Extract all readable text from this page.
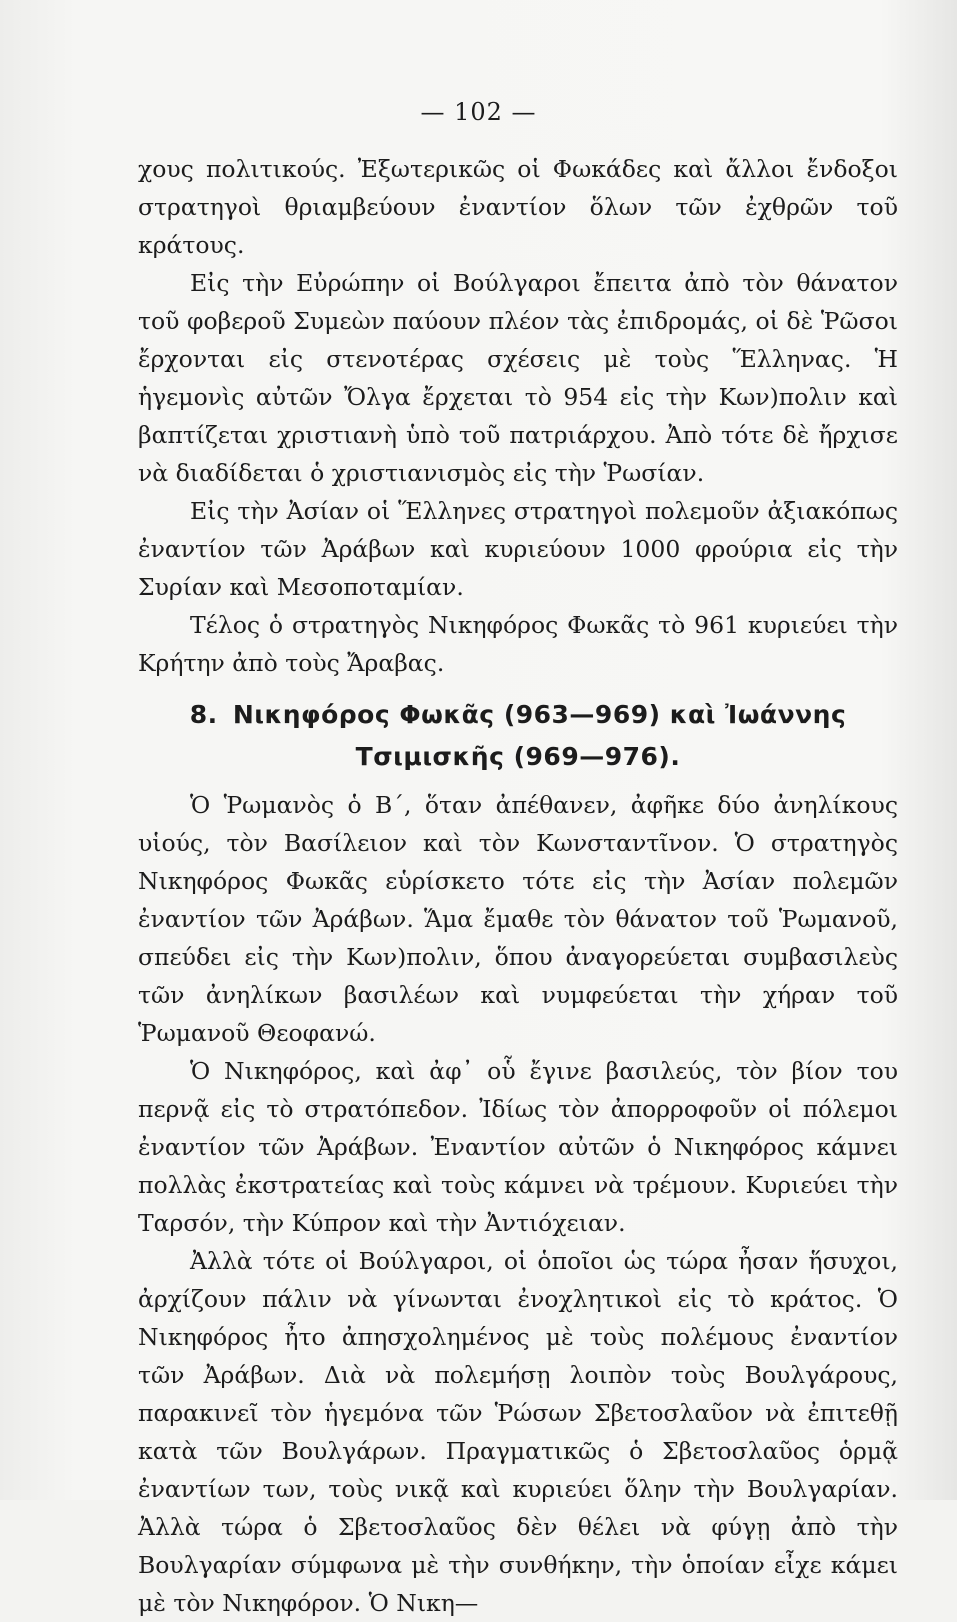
— 102 —

χους πολιτικούς. Ἐξωτερικῶς οἱ Φωκάδες καὶ ἄλλοι ἔνδοξοι στρατηγοὶ θριαμβεύουν ἐναντίον ὅλων τῶν ἐχθρῶν τοῦ κράτους.

Εἰς τὴν Εὐρώπην οἱ Βούλγαροι ἔπειτα ἀπὸ τὸν θάνατον τοῦ φοβεροῦ Συμεὼν παύουν πλέον τὰς ἐπιδρομάς, οἱ δὲ Ῥῶσοι ἔρχονται εἰς στενοτέρας σχέσεις μὲ τοὺς Ἕλληνας. Ἡ ἡγεμονὶς αὐτῶν Ὄλγα ἔρχεται τὸ 954 εἰς τὴν Κων)πολιν καὶ βαπτίζεται χριστιανὴ ὑπὸ τοῦ πατριάρχου. Ἀπὸ τότε δὲ ἤρχισε νὰ διαδίδεται ὁ χριστιανισμὸς εἰς τὴν Ῥωσίαν.

Εἰς τὴν Ἀσίαν οἱ Ἕλληνες στρατηγοὶ πολεμοῦν ἀξιακόπως ἐναντίον τῶν Ἀράβων καὶ κυριεύουν 1000 φρούρια εἰς τὴν Συρίαν καὶ Μεσοποταμίαν.

Τέλος ὁ στρατηγὸς Νικηφόρος Φωκᾶς τὸ 961 κυριεύει τὴν Κρήτην ἀπὸ τοὺς Ἄραβας.

8. Νικηφόρος Φωκᾶς (963—969) καὶ Ἰωάννης Τσιμισκῆς (969—976).

Ὁ Ῥωμανὸς ὁ Β΄, ὅταν ἀπέθανεν, ἀφῆκε δύο ἀνηλίκους υἱούς, τὸν Βασίλειον καὶ τὸν Κωνσταντῖνον. Ὁ στρατηγὸς Νικηφόρος Φωκᾶς εὑρίσκετο τότε εἰς τὴν Ἀσίαν πολεμῶν ἐναντίον τῶν Ἀράβων. Ἅμα ἔμαθε τὸν θάνατον τοῦ Ῥωμανοῦ, σπεύδει εἰς τὴν Κων)πολιν, ὅπου ἀναγορεύεται συμβασιλεὺς τῶν ἀνηλίκων βασιλέων καὶ νυμφεύεται τὴν χήραν τοῦ Ῥωμανοῦ Θεοφανώ.

Ὁ Νικηφόρος, καὶ ἀφ᾽ οὗ ἔγινε βασιλεύς, τὸν βίον του περνᾷ εἰς τὸ στρατόπεδον. Ἰδίως τὸν ἀπορροφοῦν οἱ πόλεμοι ἐναντίον τῶν Ἀράβων. Ἐναντίον αὐτῶν ὁ Νικηφόρος κάμνει πολλὰς ἐκστρατείας καὶ τοὺς κάμνει νὰ τρέμουν. Κυριεύει τὴν Ταρσόν, τὴν Κύπρον καὶ τὴν Ἀντιόχειαν.

Ἀλλὰ τότε οἱ Βούλγαροι, οἱ ὁποῖοι ὡς τώρα ἦσαν ἥσυχοι, ἀρχίζουν πάλιν νὰ γίνωνται ἐνοχλητικοὶ εἰς τὸ κράτος. Ὁ Νικηφόρος ἦτο ἀπησχολημένος μὲ τοὺς πολέμους ἐναντίον τῶν Ἀράβων. Διὰ νὰ πολεμήσῃ λοιπὸν τοὺς Βουλγάρους, παρακινεῖ τὸν ἡγεμόνα τῶν Ῥώσων Σβετοσλαῦον νὰ ἐπιτεθῇ κατὰ τῶν Βουλγάρων. Πραγματικῶς ὁ Σβετοσλαῦος ὁρμᾷ ἐναντίων των, τοὺς νικᾷ καὶ κυριεύει ὅλην τὴν Βουλγαρίαν. Ἀλλὰ τώρα ὁ Σβετοσλαῦος δὲν θέλει νὰ φύγῃ ἀπὸ τὴν Βουλγαρίαν σύμφωνα μὲ τὴν συνθήκην, τὴν ὁποίαν εἶχε κάμει μὲ τὸν Νικηφόρον. Ὁ Νικη—
